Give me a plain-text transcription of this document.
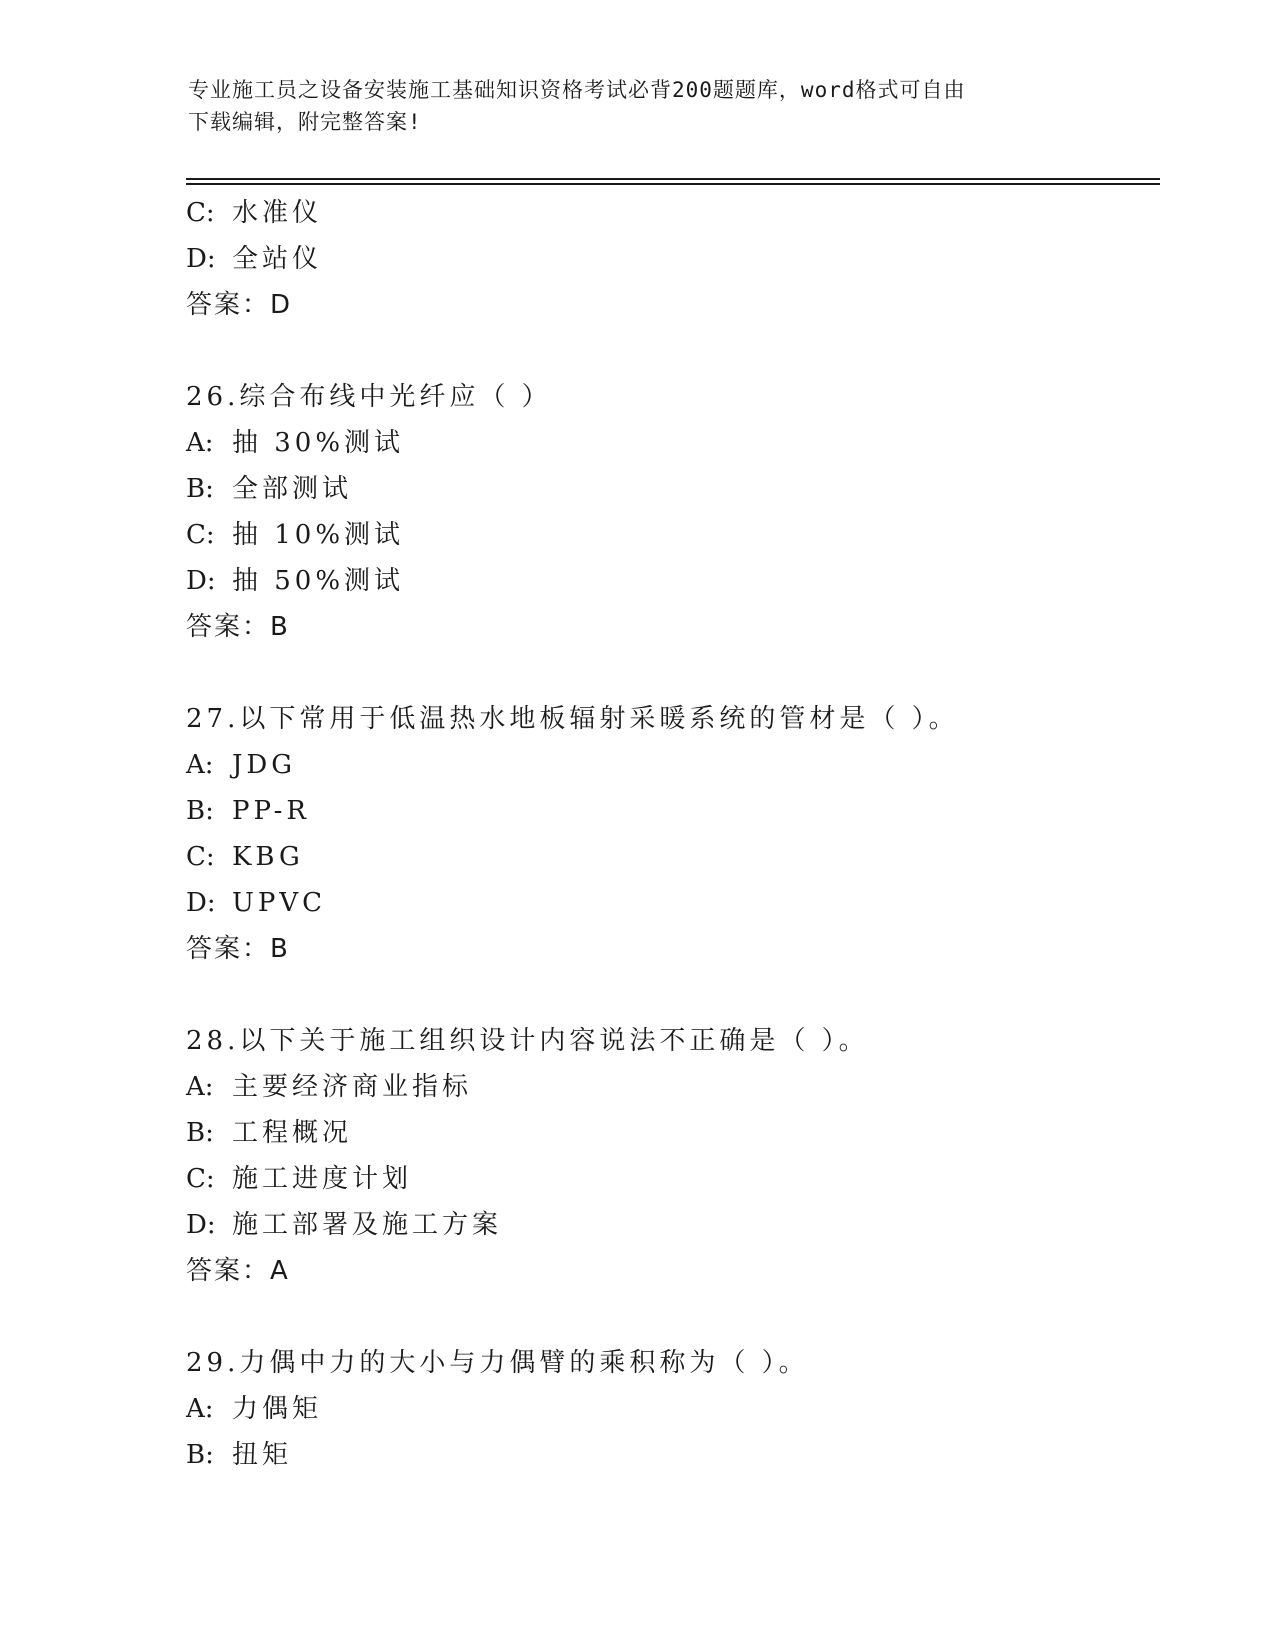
专业施工员之设备安装施工基础知识资格考试必背200题题库，word格式可自由
下载编辑，附完整答案!
C: 水准仪
D: 全站仪
答案：D
26.综合布线中光纤应（ ）
A: 抽 30%测试
B: 全部测试
C: 抽 10%测试
D: 抽 50%测试
答案：B
27.以下常用于低温热水地板辐射采暖系统的管材是（ ）。
A: JDG
B: PP-R
C: KBG
D: UPVC
答案：B
28.以下关于施工组织设计内容说法不正确是（ ）。
A: 主要经济商业指标
B: 工程概况
C: 施工进度计划
D: 施工部署及施工方案
答案：A
29.力偶中力的大小与力偶臂的乘积称为（ ）。
A: 力偶矩
B: 扭矩
